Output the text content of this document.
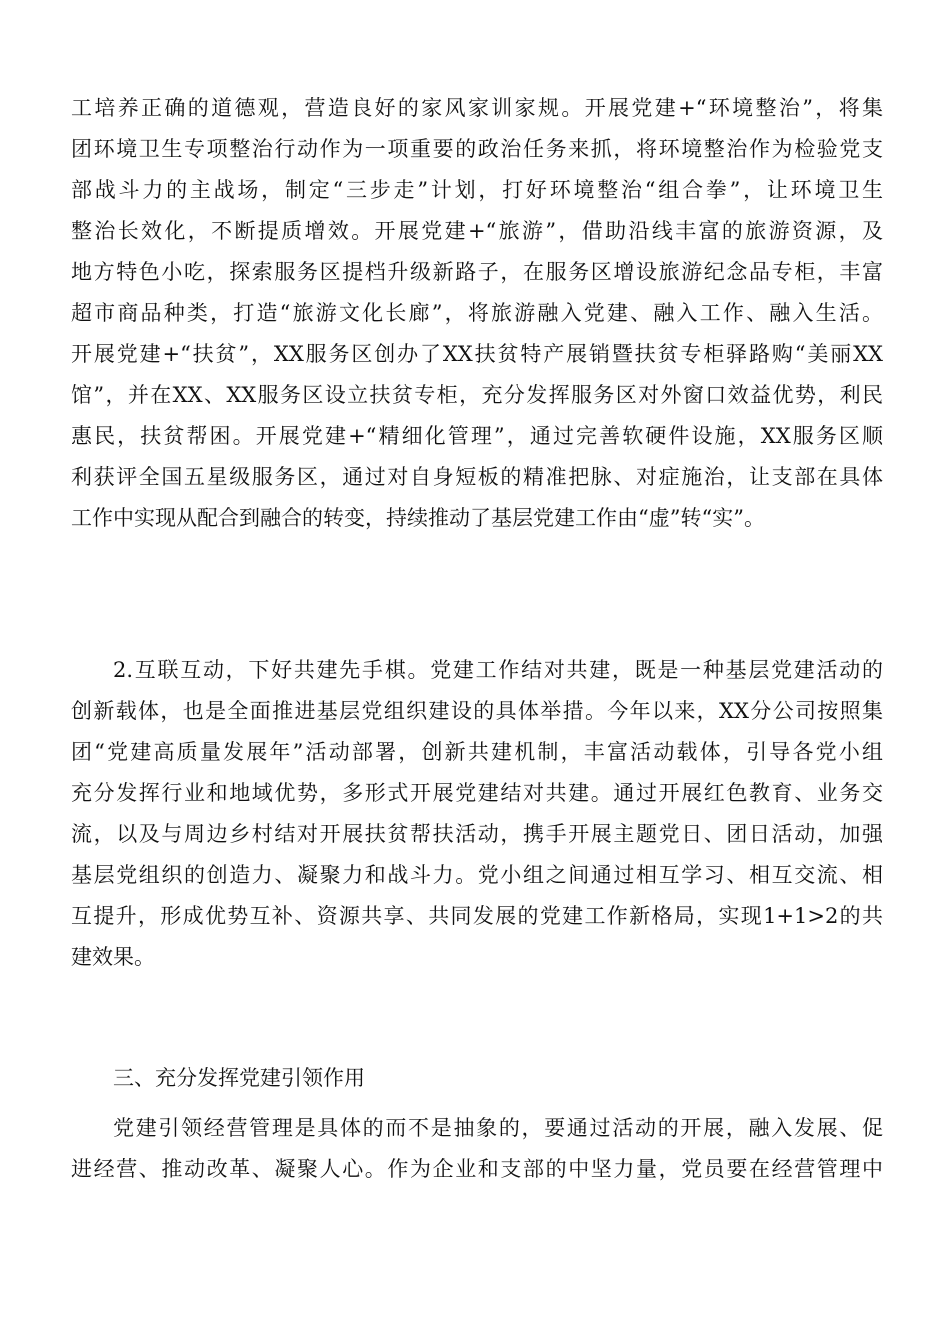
工培养正确的道德观，营造良好的家风家训家规。开展党建+“环境整治”，将集
团环境卫生专项整治行动作为一项重要的政治任务来抓，将环境整治作为检验党支
部战斗力的主战场，制定“三步走”计划，打好环境整治“组合拳”，让环境卫生
整治长效化，不断提质增效。开展党建+“旅游”，借助沿线丰富的旅游资源，及
地方特色小吃，探索服务区提档升级新路子，在服务区增设旅游纪念品专柜，丰富
超市商品种类，打造“旅游文化长廊”，将旅游融入党建、融入工作、融入生活。
开展党建+“扶贫”，XX服务区创办了XX扶贫特产展销暨扶贫专柜驿路购“美丽XX
馆”，并在XX、XX服务区设立扶贫专柜，充分发挥服务区对外窗口效益优势，利民
惠民，扶贫帮困。开展党建+“精细化管理”，通过完善软硬件设施，XX服务区顺
利获评全国五星级服务区，通过对自身短板的精准把脉、对症施治，让支部在具体
工作中实现从配合到融合的转变，持续推动了基层党建工作由“虚”转“实”。
2.互联互动，下好共建先手棋。党建工作结对共建，既是一种基层党建活动的
创新载体，也是全面推进基层党组织建设的具体举措。今年以来，XX分公司按照集
团“党建高质量发展年”活动部署，创新共建机制，丰富活动载体，引导各党小组
充分发挥行业和地域优势，多形式开展党建结对共建。通过开展红色教育、业务交
流，以及与周边乡村结对开展扶贫帮扶活动，携手开展主题党日、团日活动，加强
基层党组织的创造力、凝聚力和战斗力。党小组之间通过相互学习、相互交流、相
互提升，形成优势互补、资源共享、共同发展的党建工作新格局，实现1+1>2的共
建效果。
三、充分发挥党建引领作用
党建引领经营管理是具体的而不是抽象的，要通过活动的开展，融入发展、促
进经营、推动改革、凝聚人心。作为企业和支部的中坚力量，党员要在经营管理中
